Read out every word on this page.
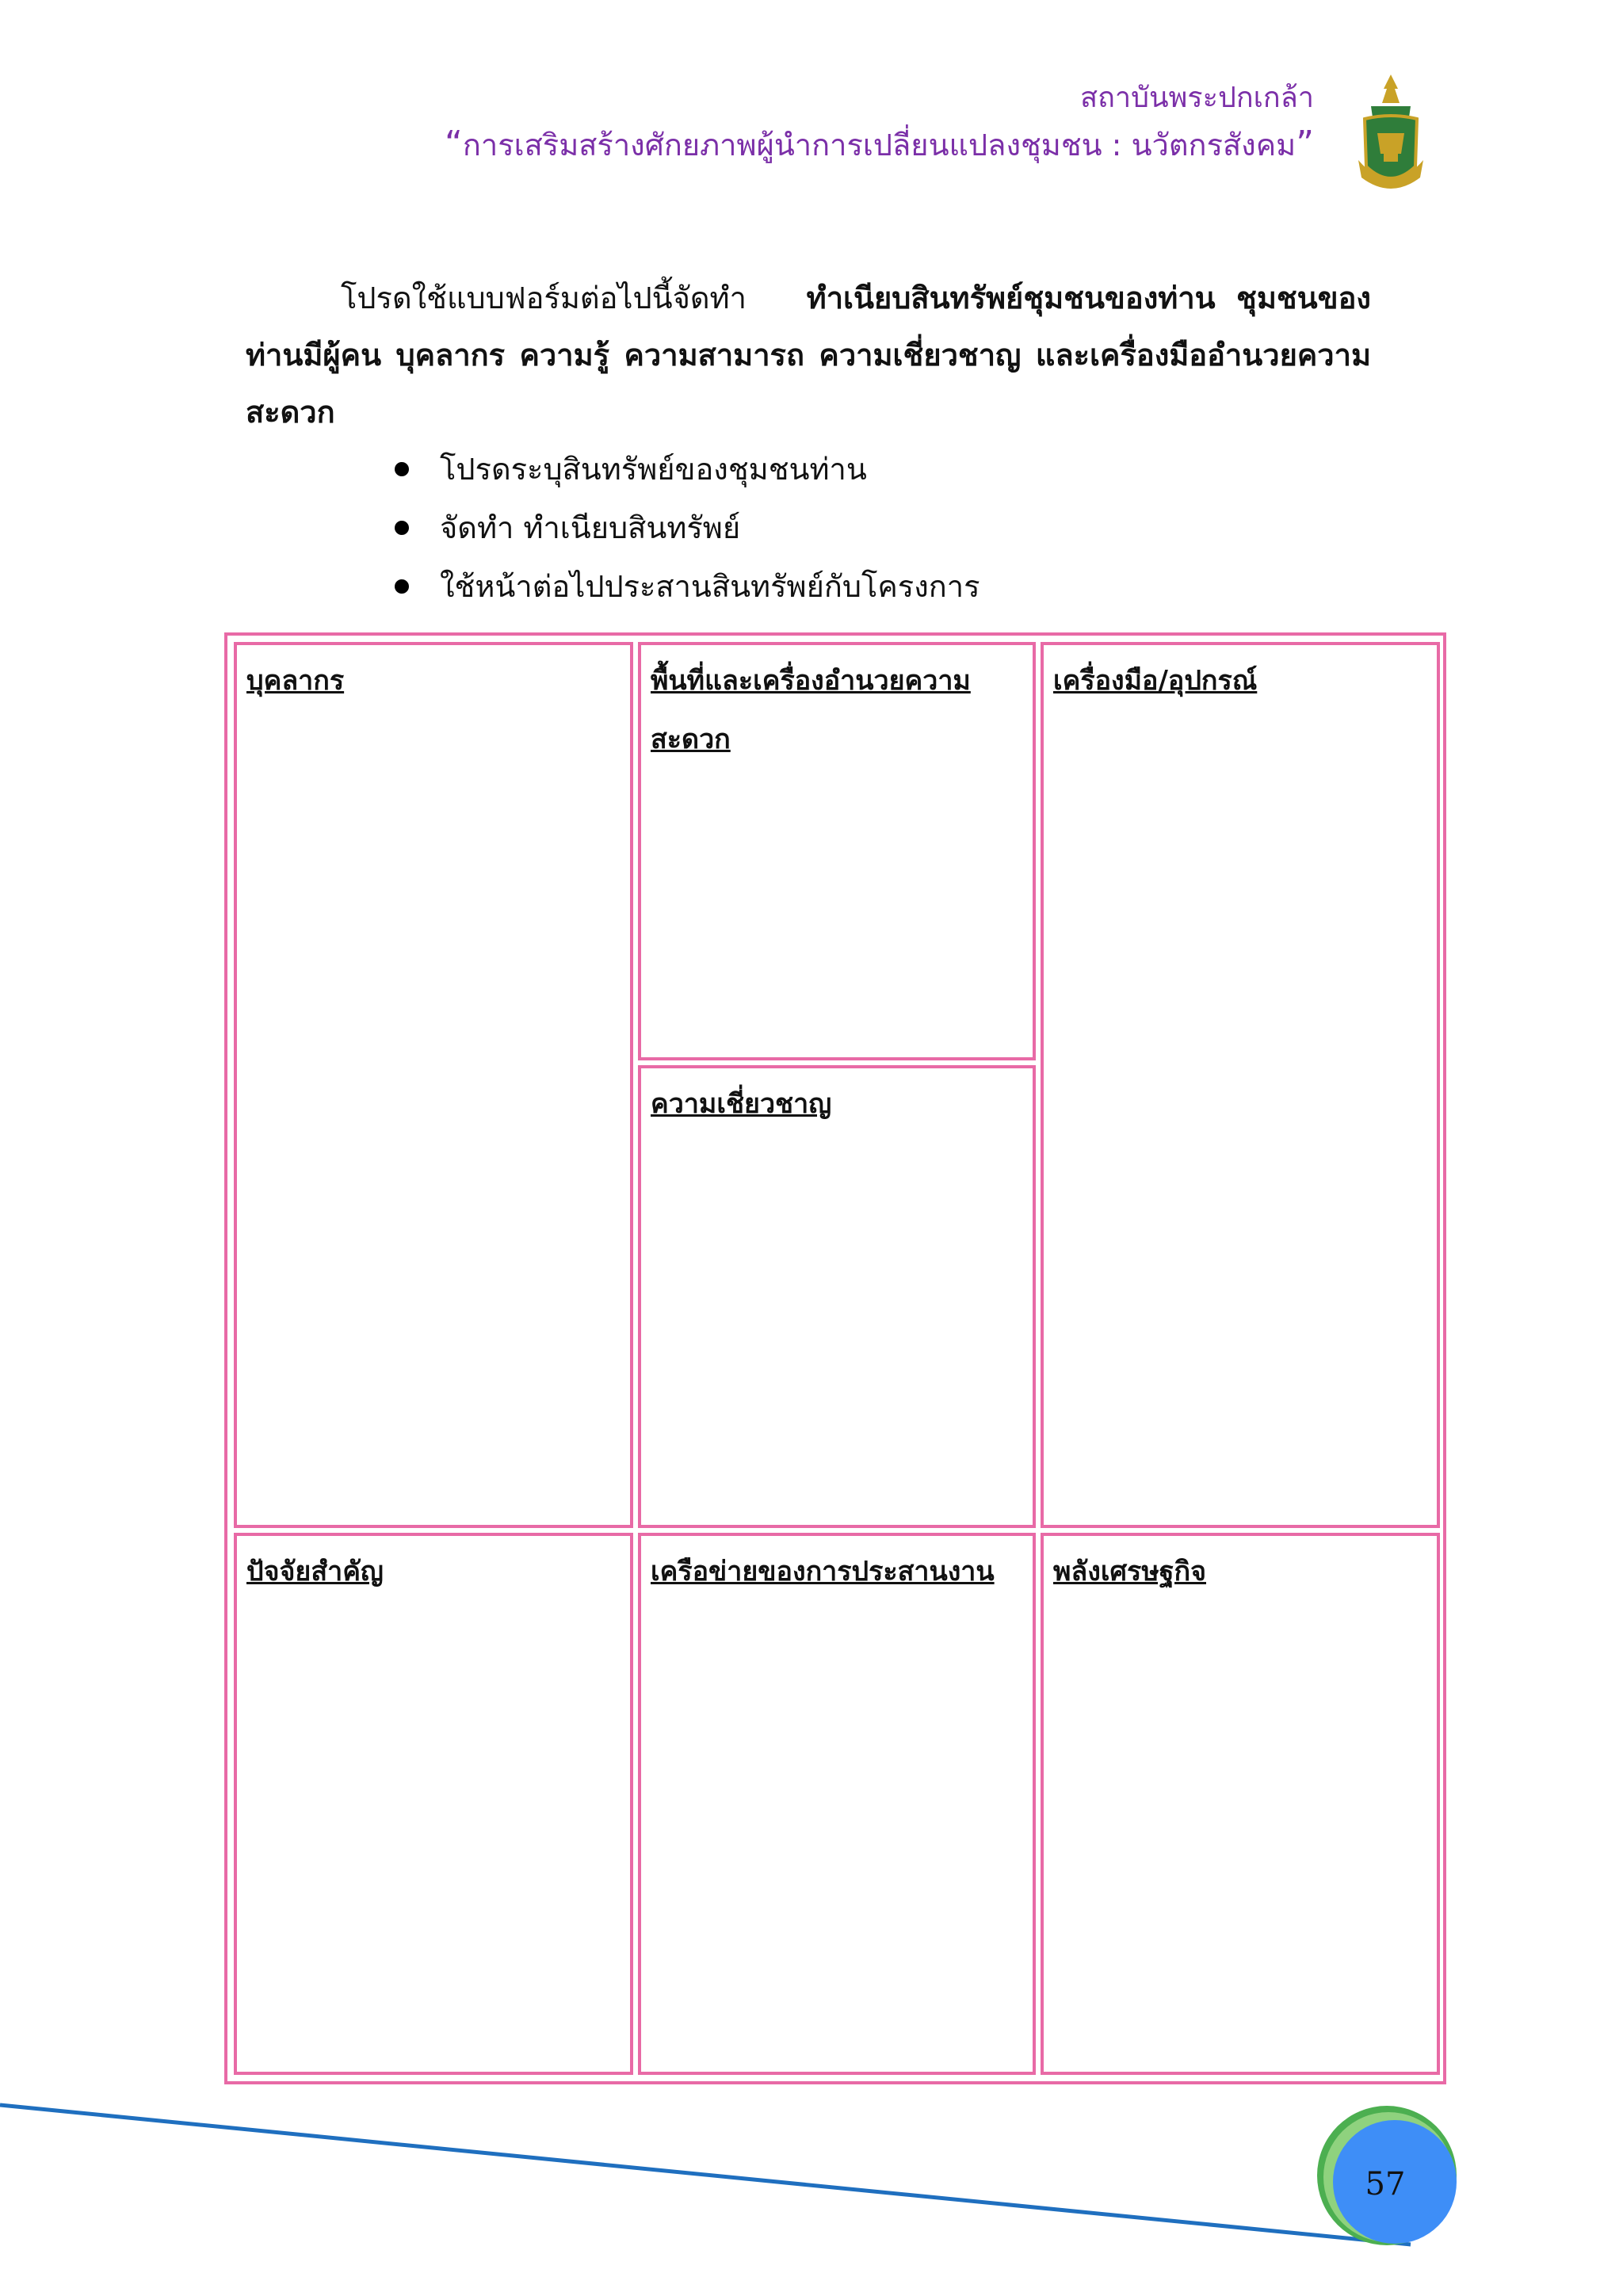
สถาบันพระปกเกล้า
“การเสริมสร้างศักยภาพผู้นำการเปลี่ยนแปลงชุมชน : นวัตกรสังคม”
โปรดใช้แบบฟอร์มต่อไปนี้จัดทำ ทำเนียบสินทรัพย์ชุมชนของท่าน ชุมชนของท่านมีผู้คน บุคลากร ความรู้ ความสามารถ ความเชี่ยวชาญ และเครื่องมืออำนวยความสะดวก
โปรดระบุสินทรัพย์ของชุมชนท่าน
จัดทำ ทำเนียบสินทรัพย์
ใช้หน้าต่อไปประสานสินทรัพย์กับโครงการ
บุคลากร	พื้นที่และเครื่องอำนวยความสะดวก
เครื่องมือ/อุปกรณ์
ความเชี่ยวชาญ
ปัจจัยสำคัญ	เครือข่ายของการประสานงาน พลังเศรษฐกิจ
57
